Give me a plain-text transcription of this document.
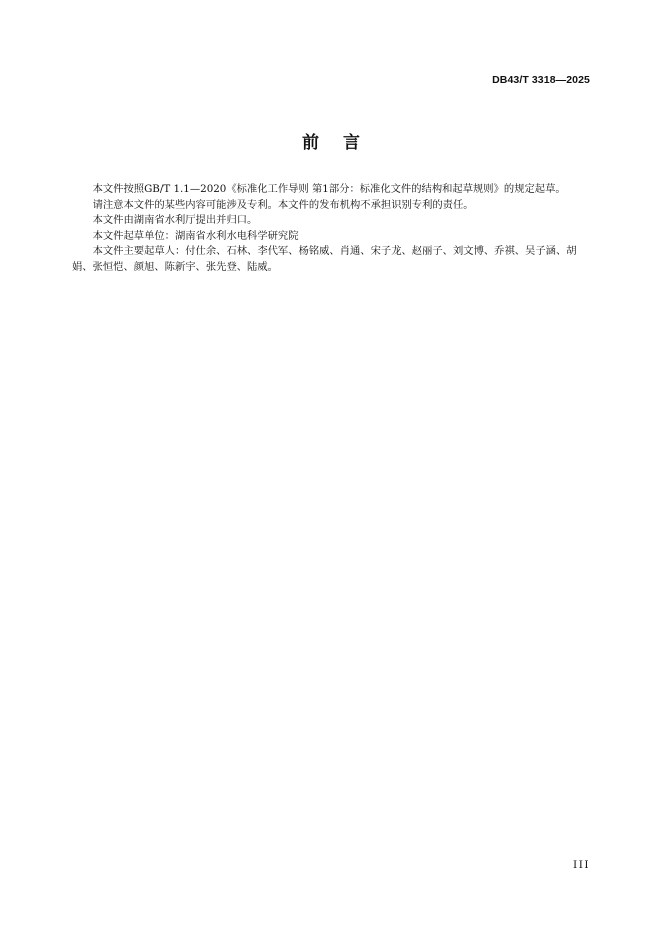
DB43/T 3318—2025
前言

本文件按照GB/T 1.1—2020《标准化工作导则 第1部分：标准化文件的结构和起草规则》的规定起草。

请注意本文件的某些内容可能涉及专利。本文件的发布机构不承担识别专利的责任。

本文件由湖南省水利厅提出并归口。

本文件起草单位：湖南省水利水电科学研究院

本文件主要起草人：付仕余、石林、李代军、杨铭威、肖通、宋子龙、赵丽子、刘文博、乔祺、吴子涵、胡娟、张恒恺、颜旭、陈新宇、张先登、陆威。

III
